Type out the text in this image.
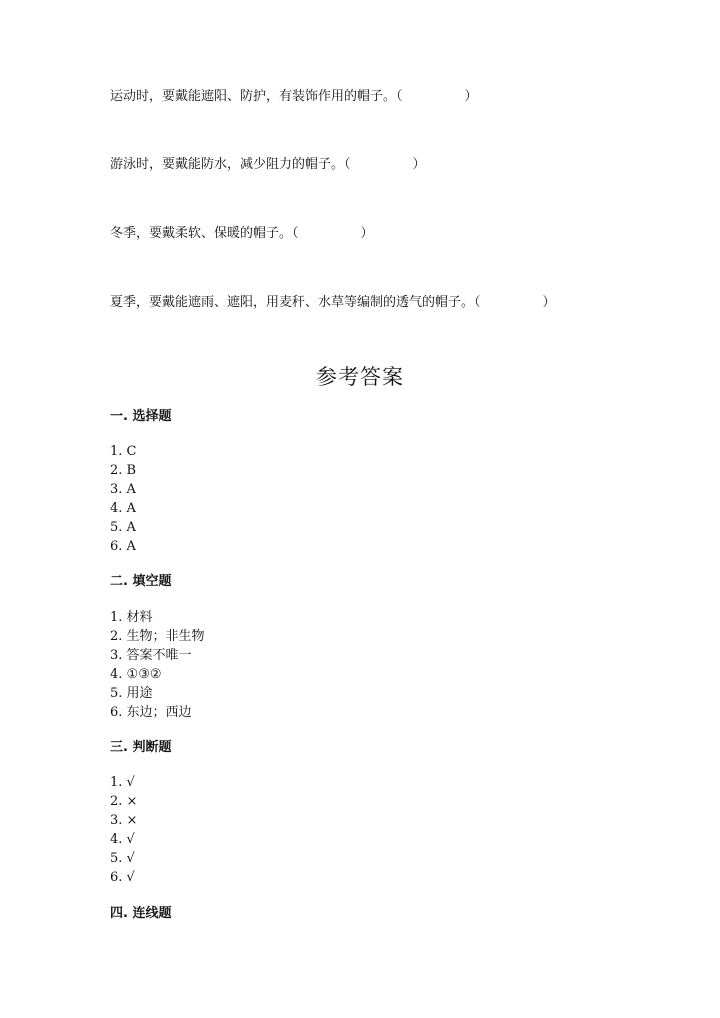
运动时，要戴能遮阳、防护，有装饰作用的帽子。（	）
游泳时，要戴能防水，减少阻力的帽子。（	）
冬季，要戴柔软、保暖的帽子。（	）
夏季，要戴能遮雨、遮阳，用麦秆、水草等编制的透气的帽子。（	）
参考答案
一. 选择题
1. C
2. B
3. A
4. A
5. A
6. A
二. 填空题
1. 材料
2. 生物；非生物
3. 答案不唯一
4. ①③②
5. 用途
6. 东边；西边
三. 判断题
1. √
2. ×
3. ×
4. √
5. √
6. √
四. 连线题
